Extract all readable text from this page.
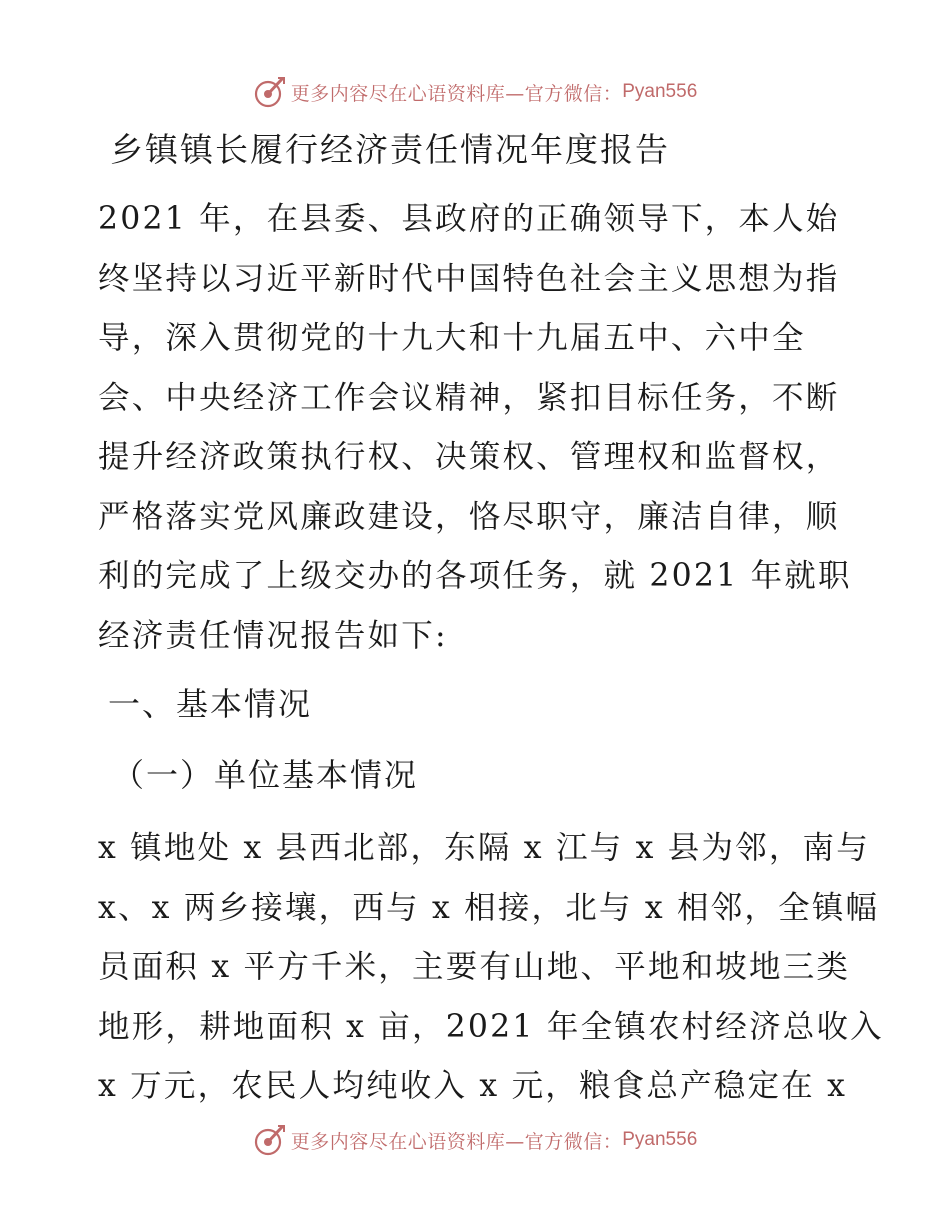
更多内容尽在心语资料库—官方微信： Pyan556
乡镇镇长履行经济责任情况年度报告

2021 年，在县委、县政府的正确领导下，本人始
终坚持以习近平新时代中国特色社会主义思想为指
导，深入贯彻党的十九大和十九届五中、六中全
会、中央经济工作会议精神，紧扣目标任务，不断
提升经济政策执行权、决策权、管理权和监督权，
严格落实党风廉政建设，恪尽职守，廉洁自律，顺
利的完成了上级交办的各项任务，就 2021 年就职
经济责任情况报告如下:

一、基本情况
（一）单位基本情况

x 镇地处 x 县西北部，东隔 x 江与 x 县为邻，南与
x、x 两乡接壤，西与 x 相接，北与 x 相邻，全镇幅
员面积 x 平方千米，主要有山地、平地和坡地三类
地形，耕地面积 x 亩，2021 年全镇农村经济总收入
x 万元，农民人均纯收入 x 元，粮食总产稳定在 x

更多内容尽在心语资料库—官方微信： Pyan556
